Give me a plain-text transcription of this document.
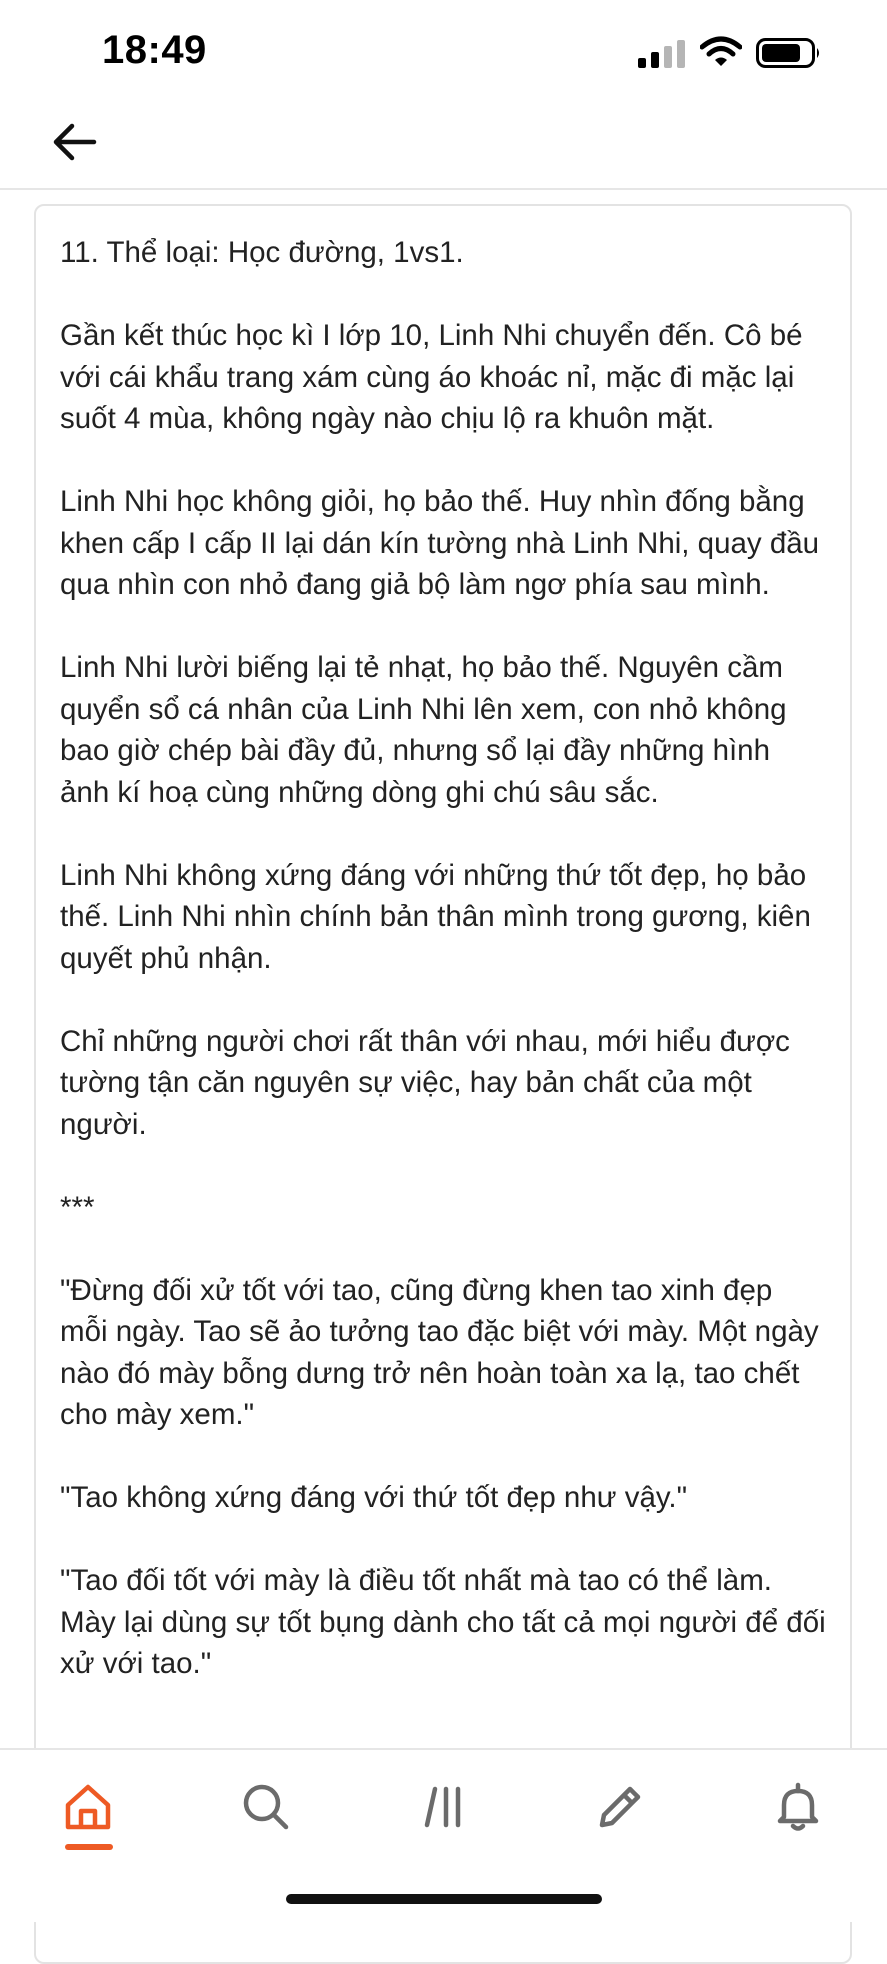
18:49

11. Thể loại: Học đường, 1vs1.

Gần kết thúc học kì I lớp 10, Linh Nhi chuyển đến. Cô bé với cái khẩu trang xám cùng áo khoác nỉ, mặc đi mặc lại suốt 4 mùa, không ngày nào chịu lộ ra khuôn mặt.

Linh Nhi học không giỏi, họ bảo thế. Huy nhìn đống bằng khen cấp I cấp II lại dán kín tường nhà Linh Nhi, quay đầu qua nhìn con nhỏ đang giả bộ làm ngơ phía sau mình.

Linh Nhi lười biếng lại tẻ nhạt, họ bảo thế. Nguyên cầm quyển sổ cá nhân của Linh Nhi lên xem, con nhỏ không bao giờ chép bài đầy đủ, nhưng sổ lại đầy những hình ảnh kí hoạ cùng những dòng ghi chú sâu sắc.

Linh Nhi không xứng đáng với những thứ tốt đẹp, họ bảo thế. Linh Nhi nhìn chính bản thân mình trong gương, kiên quyết phủ nhận.

Chỉ những người chơi rất thân với nhau, mới hiểu được tường tận căn nguyên sự việc, hay bản chất của một người.

***

"Đừng đối xử tốt với tao, cũng đừng khen tao xinh đẹp mỗi ngày. Tao sẽ ảo tưởng tao đặc biệt với mày. Một ngày nào đó mày bỗng dưng trở nên hoàn toàn xa lạ, tao chết cho mày xem."

"Tao không xứng đáng với thứ tốt đẹp như vậy."

"Tao đối tốt với mày là điều tốt nhất mà tao có thể làm. Mày lại dùng sự tốt bụng dành cho tất cả mọi người để đối xử với tao."
